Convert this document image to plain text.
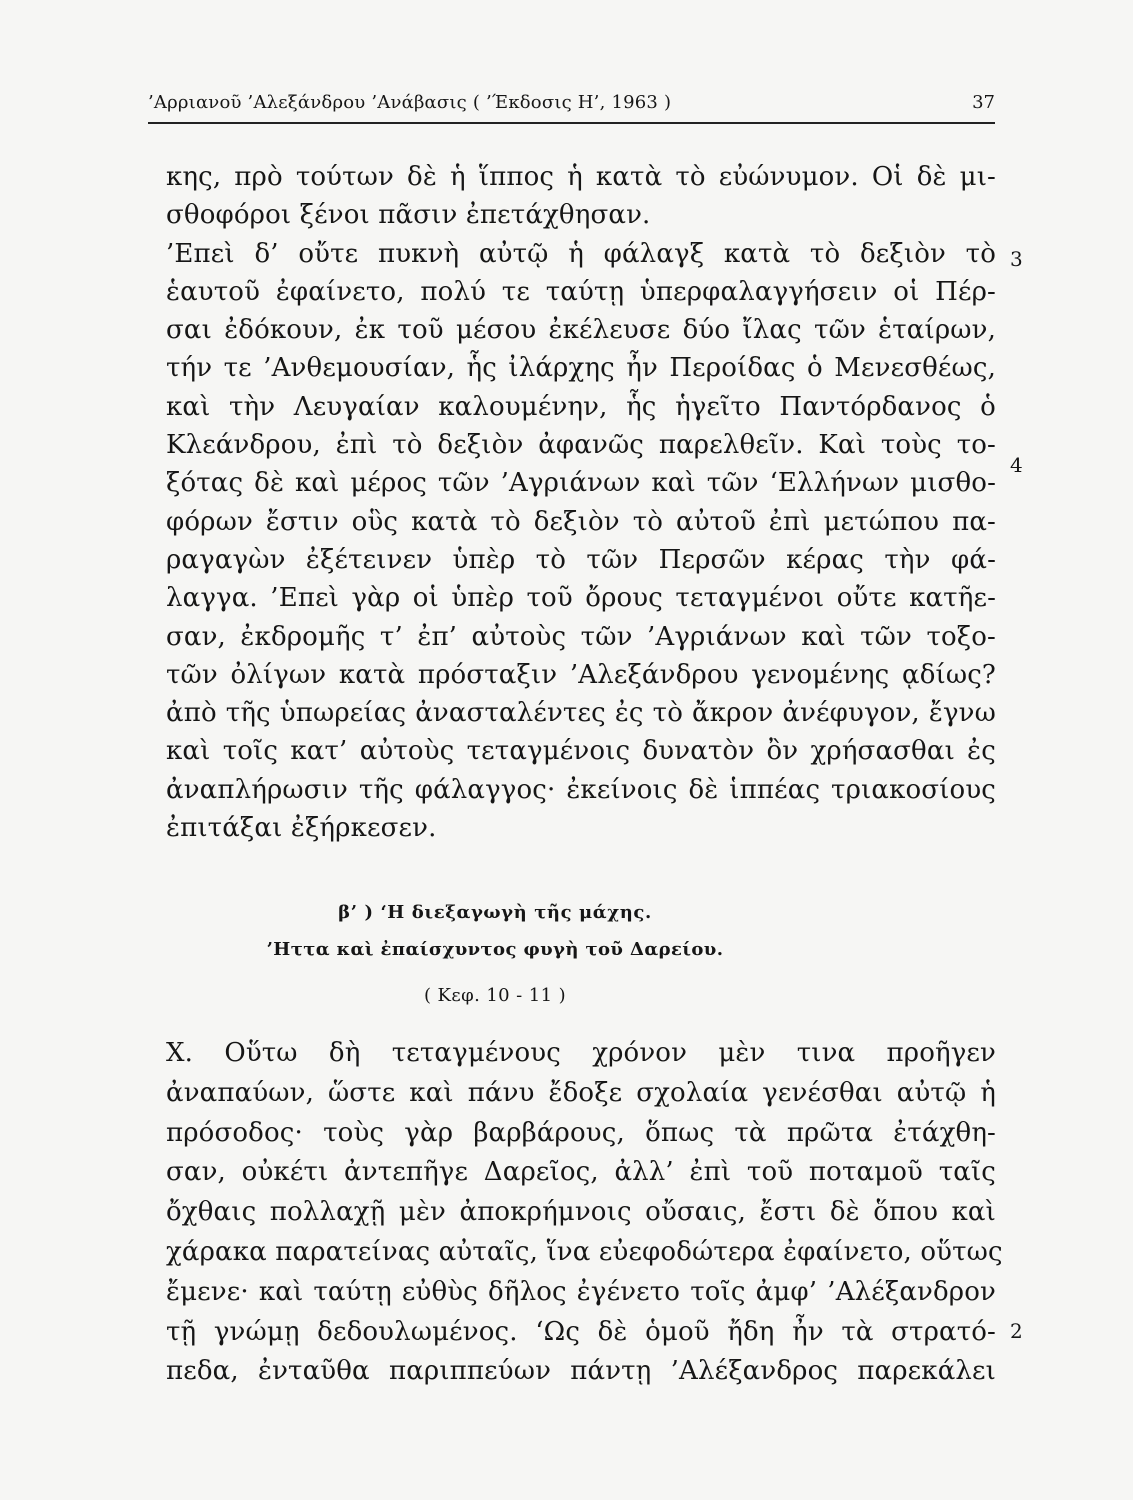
’Αρριανοῦ ’Αλεξάνδρου ’Ανάβασις ( ’Έκδοσις Η’, 1963 )	37
κης, πρὸ τούτων δὲ ἡ ἵππος ἡ κατὰ τὸ εὐώνυμον. Οἱ δὲ μι-
σθοφόροι ξένοι πᾶσιν ἐπετάχθησαν.
’Επεὶ δ’ οὔτε πυκνὴ αὐτῷ ἡ φάλαγξ κατὰ τὸ δεξιὸν τὸ
ἑαυτοῦ ἐφαίνετο, πολύ τε ταύτῃ ὑπερφαλαγγήσειν οἱ Πέρ-
σαι ἐδόκουν, ἐκ τοῦ μέσου ἐκέλευσε δύο ἴλας τῶν ἑταίρων,
τήν τε ’Ανθεμουσίαν, ἧς ἰλάρχης ἦν Περοίδας ὁ Μενεσθέως,
καὶ τὴν Λευγαίαν καλουμένην, ἧς ἡγεῖτο Παντόρδανος ὁ
Κλεάνδρου, ἐπὶ τὸ δεξιὸν ἀφανῶς παρελθεῖν. Καὶ τοὺς το-
ξότας δὲ καὶ μέρος τῶν ’Αγριάνων καὶ τῶν ‘Ελλήνων μισθο-
φόρων ἔστιν οὓς κατὰ τὸ δεξιὸν τὸ αὐτοῦ ἐπὶ μετώπου πα-
ραγαγὼν ἐξέτεινεν ὑπὲρ τὸ τῶν Περσῶν κέρας τὴν φά-
λαγγα. ’Επεὶ γὰρ οἱ ὑπὲρ τοῦ ὄρους τεταγμένοι οὔτε κατῆε-
σαν, ἐκδρομῆς τ’ ἐπ’ αὐτοὺς τῶν ’Αγριάνων καὶ τῶν τοξο-
τῶν ὀλίγων κατὰ πρόσταξιν ’Αλεξάνδρου γενομένης ᾳδίως?
ἀπὸ τῆς ὑπωρείας ἀνασταλέντες ἐς τὸ ἄκρον ἀνέφυγον, ἔγνω
καὶ τοῖς κατ’ αὐτοὺς τεταγμένοις δυνατὸν ὂν χρήσασθαι ἐς
ἀναπλήρωσιν τῆς φάλαγγος· ἐκείνοις δὲ ἱππέας τριακοσίους
ἐπιτάξαι ἐξήρκεσεν.
3
4
2
β’ ) ‘Η διεξαγωγὴ τῆς μάχης.
’Ηττα καὶ ἐπαίσχυντος φυγὴ τοῦ Δαρείου.
( Κεφ. 10 - 11 )
Χ. Οὕτω δὴ τεταγμένους χρόνον μὲν τινα προῆγεν
ἀναπαύων, ὥστε καὶ πάνυ ἔδοξε σχολαία γενέσθαι αὐτῷ ἡ
πρόσοδος· τοὺς γὰρ βαρβάρους, ὅπως τὰ πρῶτα ἐτάχθη-
σαν, οὐκέτι ἀντεπῆγε Δαρεῖος, ἀλλ’ ἐπὶ τοῦ ποταμοῦ ταῖς
ὄχθαις πολλαχῇ μὲν ἀποκρήμνοις οὔσαις, ἔστι δὲ ὅπου καὶ
χάρακα παρατείνας αὐταῖς, ἵνα εὐεφοδώτερα ἐφαίνετο, οὕτως
ἔμενε· καὶ ταύτῃ εὐθὺς δῆλος ἐγένετο τοῖς ἀμφ’ ’Αλέξανδρον
τῇ γνώμῃ δεδουλωμένος. ‘Ως δὲ ὁμοῦ ἤδη ἦν τὰ στρατό-
πεδα, ἐνταῦθα παριππεύων πάντῃ ’Αλέξανδρος παρεκάλει
